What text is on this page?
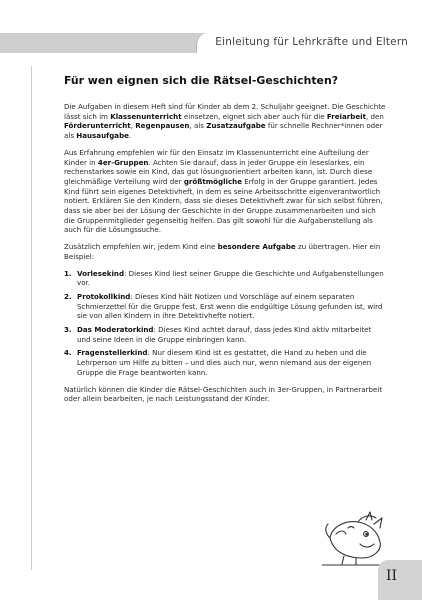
Einleitung für Lehrkräfte und Eltern
Für wen eignen sich die Rätsel-Geschichten?

Die Aufgaben in diesem Heft sind für Kinder ab dem 2. Schuljahr geeignet. Die Geschichte lässt sich im Klassenunterricht einsetzen, eignet sich aber auch für die Freiarbeit, den Förderunterricht, Regenpausen, als Zusatzaufgabe für schnelle Rechner*innen oder als Hausaufgabe.

Aus Erfahrung empfehlen wir für den Einsatz im Klassenunterricht eine Aufteilung der Kinder in 4er-Gruppen. Achten Sie darauf, dass in jeder Gruppe ein leseslarkes, ein rechenstarkes sowie ein Kind, das gut lösungsorientiert arbeiten kann, ist. Durch diese gleichmäßige Verteilung wird der größtmögliche Erfolg in der Gruppe garantiert. Jedes Kind führt sein eigenes Detektivheft, in dem es seine Arbeitsschritte eigenverantwortlich notiert. Erklären Sie den Kindern, dass sie dieses Detektivheft zwar für sich selbst führen, dass sie aber bei der Lösung der Geschichte in der Gruppe zusammenarbeiten und sich die Gruppenmitglieder gegenseitig helfen. Das gilt sowohl für die Aufgabenstellung als auch für die Lösungssuche.

Zusätzlich empfehlen wir, jedem Kind eine besondere Aufgabe zu übertragen. Hier ein Beispiel:

1. Vorlesekind: Dieses Kind liest seiner Gruppe die Geschichte und Aufgabenstellungen vor.
2. Protokollkind: Dieses Kind hält Notizen und Vorschläge auf einem separaten Schmierzettel für die Gruppe fest. Erst wenn die endgültige Lösung gefunden ist, wird sie von allen Kindern in ihre Detektivhefte notiert.
3. Das Moderatorkind: Dieses Kind achtet darauf, dass jedes Kind aktiv mitarbeitet und seine Ideen in die Gruppe einbringen kann.
4. Fragenstellerkind: Nur diesem Kind ist es gestattet, die Hand zu heben und die Lehrperson um Hilfe zu bitten – und dies auch nur, wenn niemand aus der eigenen Gruppe die Frage beantworten kann.

Natürlich können die Kinder die Rätsel-Geschichten auch in 3er-Gruppen, in Partnerarbeit oder allein bearbeiten, je nach Leistungsstand der Kinder.

II
